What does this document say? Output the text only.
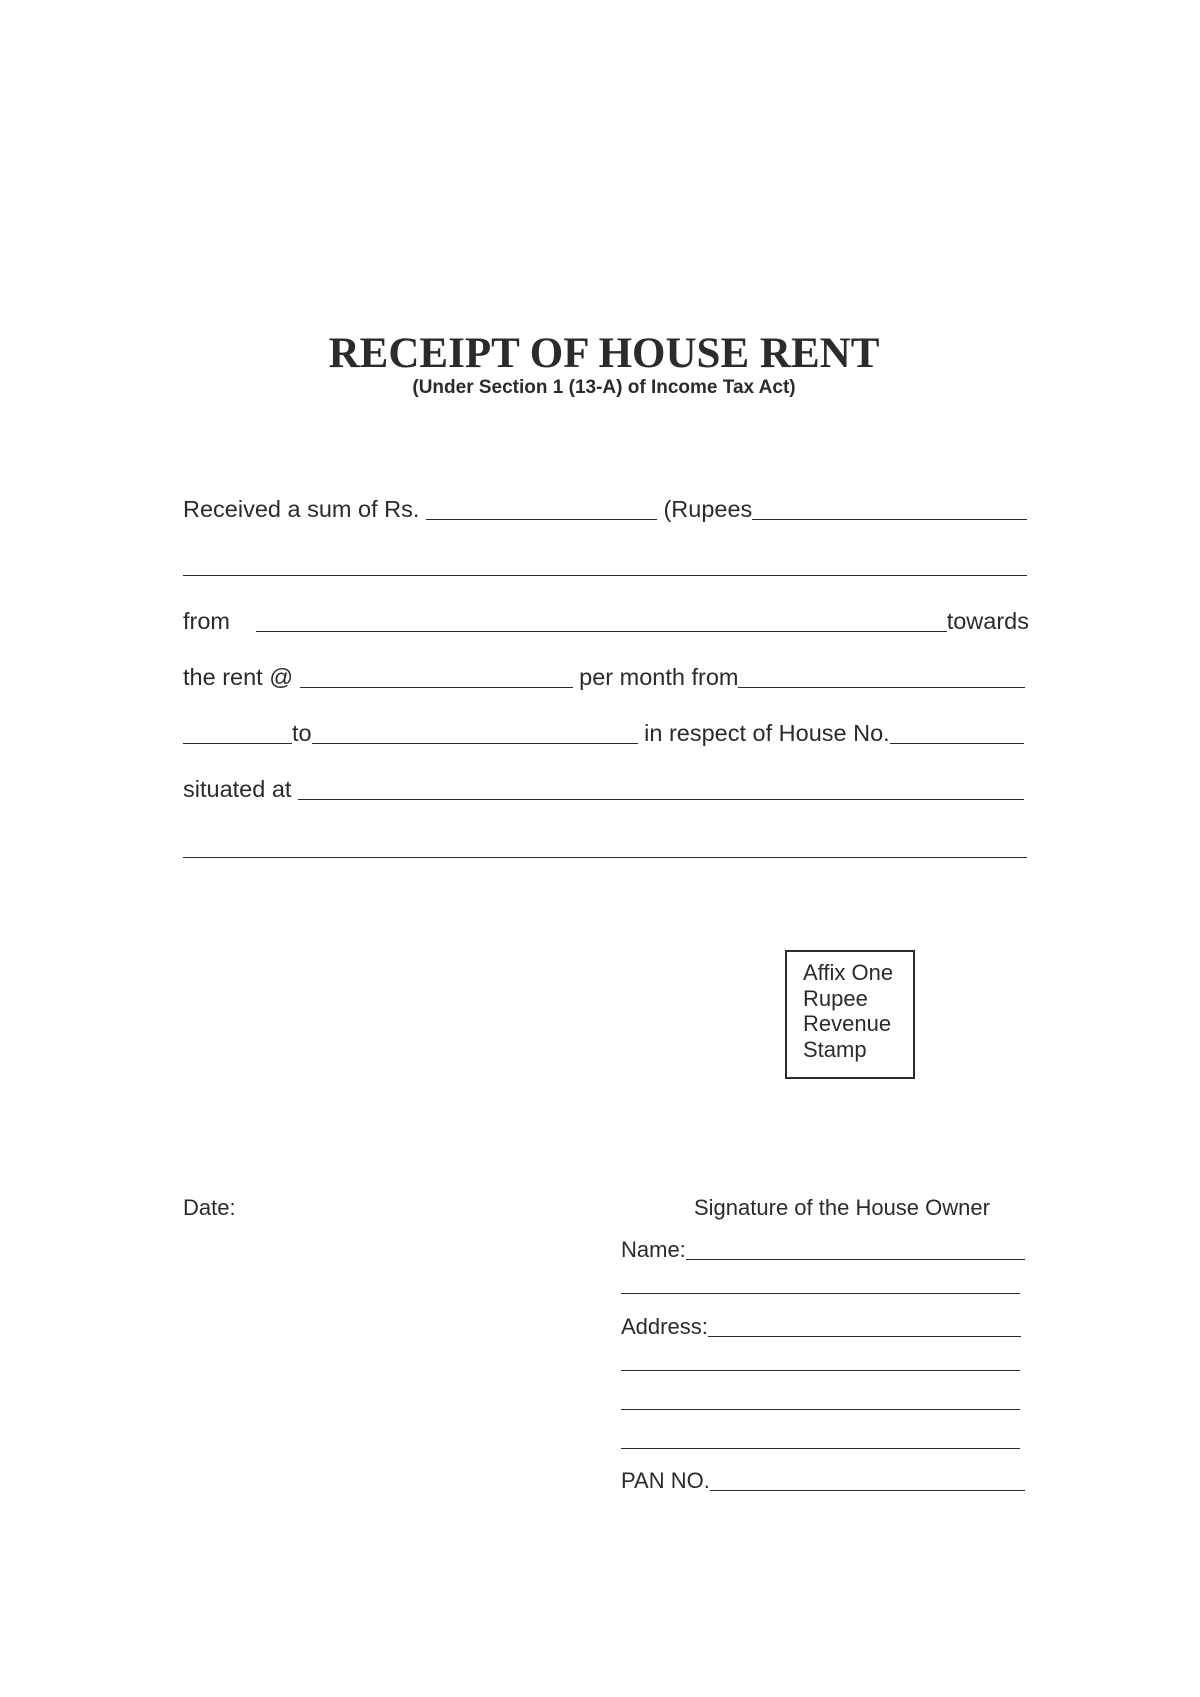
RECEIPT OF HOUSE RENT
(Under Section 1 (13-A) of Income Tax Act)
Received a sum of Rs.

	(Rupees
from
	towards
the rent @

	per month from
to
	in respect of House No.
situated at

Affix One
Rupee
Revenue
Stamp
Date:	Signature of the House Owner
Name:
Address:
PAN NO.
